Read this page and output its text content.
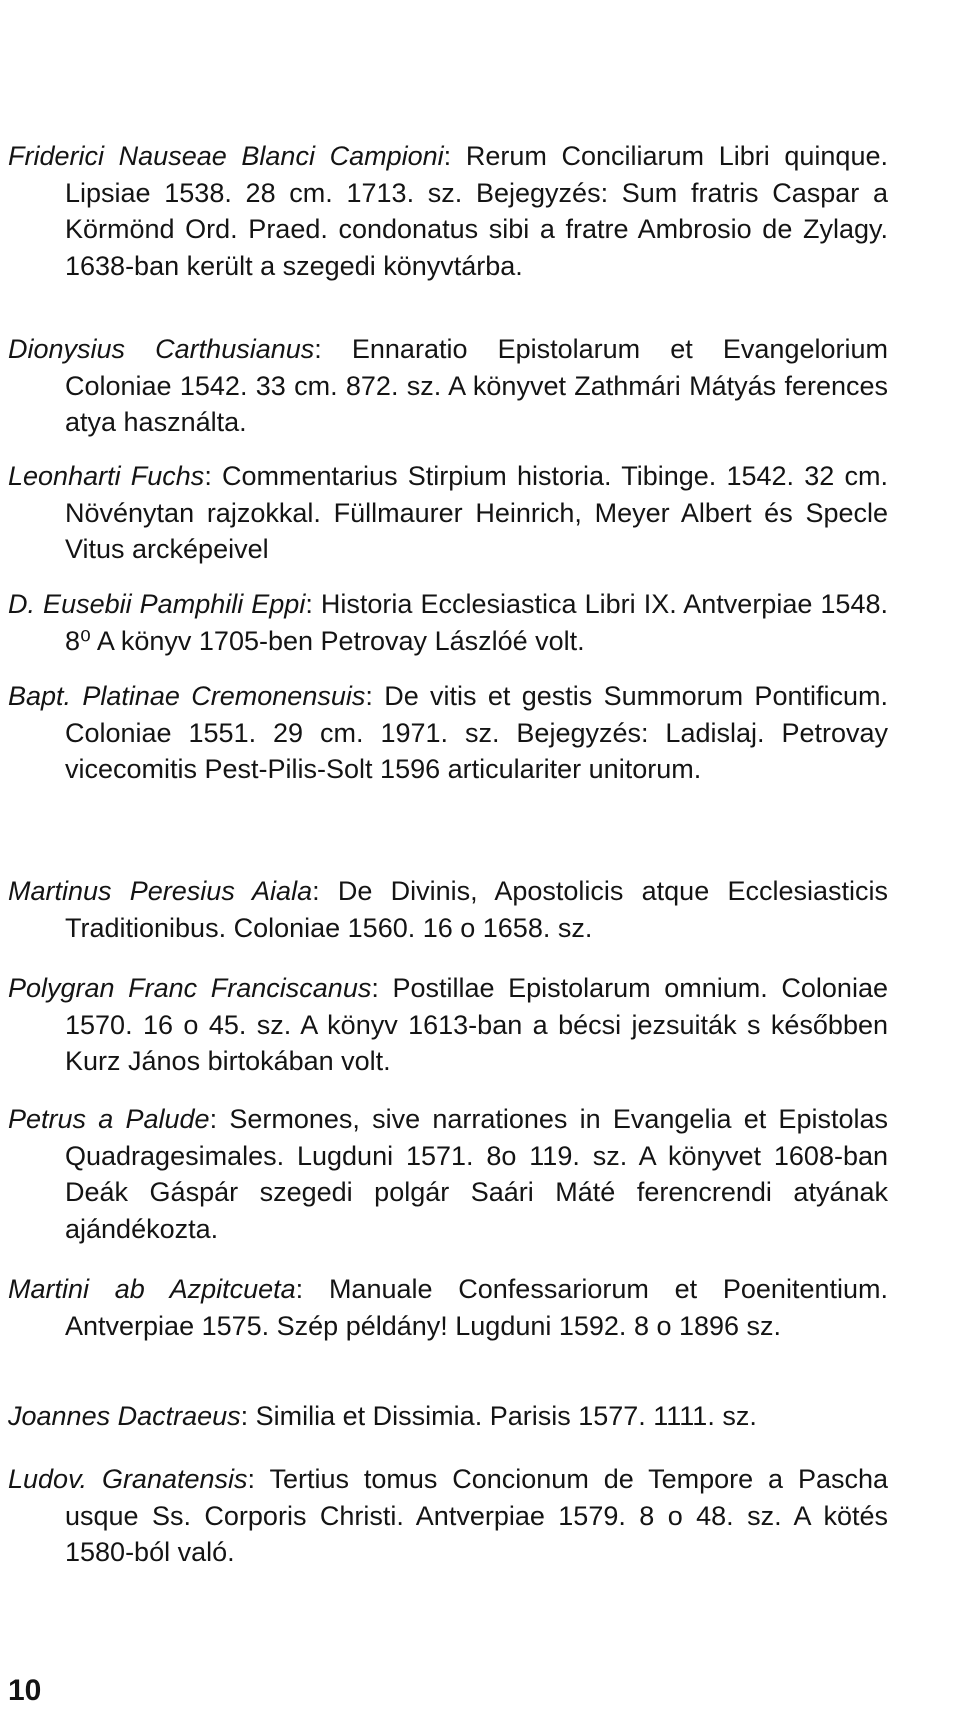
Friderici Nauseae Blanci Campioni: Rerum Conciliarum Libri quinque. Lipsiae 1538. 28 cm. 1713. sz. Bejegyzés: Sum fratris Caspar a Körmönd Ord. Praed. condonatus sibi a fratre Ambrosio de Zylagy. 1638-ban került a szegedi könyvtárba.

Dionysius Carthusianus: Ennaratio Epistolarum et Evangelorium Coloniae 1542. 33 cm. 872. sz. A könyvet Zathmári Mátyás ferences atya használta.

Leonharti Fuchs: Commentarius Stirpium historia. Tibinge. 1542. 32 cm. Növénytan rajzokkal. Füllmaurer Heinrich, Meyer Albert és Specle Vitus arcképeivel

D. Eusebii Pamphili Eppi: Historia Ecclesiastica Libri IX. Antverpiae 1548. 8⁰ A könyv 1705-ben Petrovay Lászlóé volt.

Bapt. Platinae Cremonensuis: De vitis et gestis Summorum Pontificum. Coloniae 1551. 29 cm. 1971. sz. Bejegyzés: Ladislaj. Petrovay vicecomitis Pest-Pilis-Solt 1596 articulariter unitorum.

Martinus Peresius Aiala: De Divinis, Apostolicis atque Ecclesiasticis Traditionibus. Coloniae 1560. 16 o 1658. sz.

Polygran Franc Franciscanus: Postillae Epistolarum omnium. Coloniae 1570. 16 o 45. sz. A könyv 1613-ban a bécsi jezsuiták s későbben Kurz János birtokában volt.

Petrus a Palude: Sermones, sive narrationes in Evangelia et Epistolas Quadragesimales. Lugduni 1571. 8o 119. sz. A könyvet 1608-ban Deák Gáspár szegedi polgár Saári Máté ferencrendi atyának ajándékozta.

Martini ab Azpitcueta: Manuale Confessariorum et Poenitentium. Antverpiae 1575. Szép példány! Lugduni 1592. 8 o 1896 sz.

Joannes Dactraeus: Similia et Dissimia. Parisis 1577. 1111. sz.

Ludov. Granatensis: Tertius tomus Concionum de Tempore a Pascha usque Ss. Corporis Christi. Antverpiae 1579. 8 o 48. sz. A kötés 1580-ból való.

10
